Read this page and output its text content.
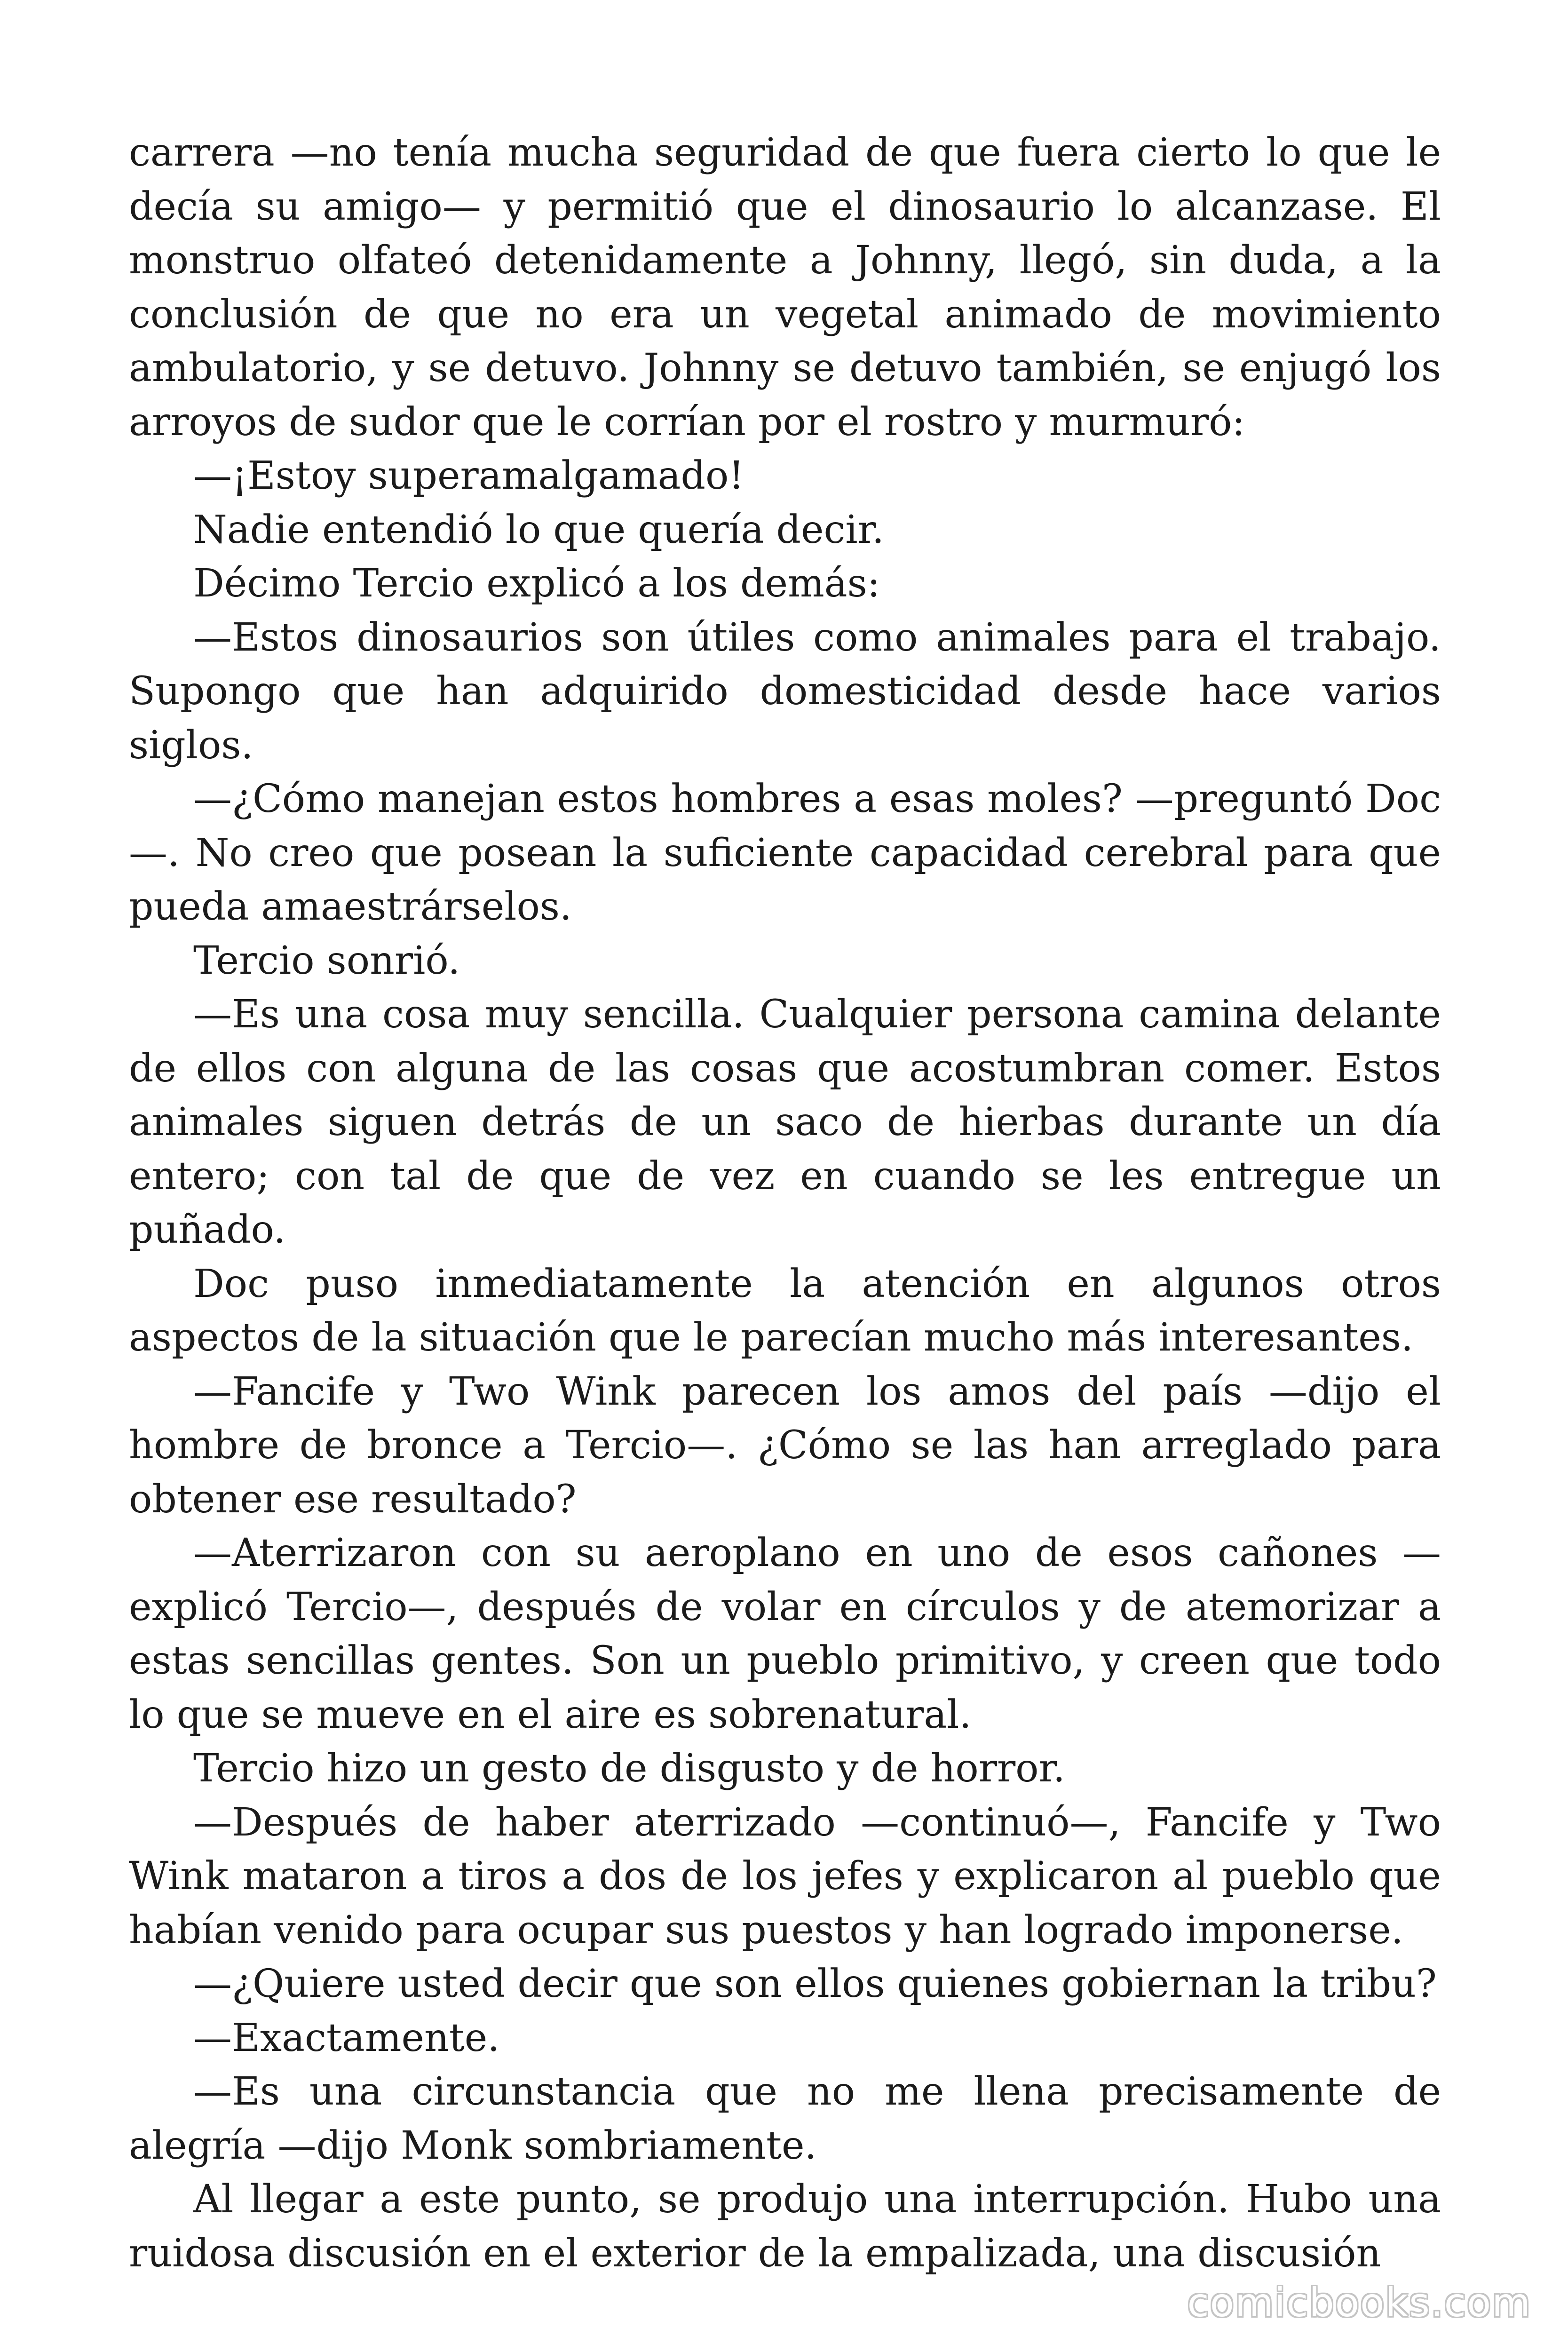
carrera —no tenía mucha seguridad de que fuera cierto lo que le decía su amigo— y permitió que el dinosaurio lo alcanzase. El monstruo olfateó detenidamente a Johnny, llegó, sin duda, a la conclusión de que no era un vegetal animado de movimiento ambulatorio, y se detuvo. Johnny se detuvo también, se enjugó los arroyos de sudor que le corrían por el rostro y murmuró:

—¡Estoy superamalgamado!

Nadie entendió lo que quería decir.

Décimo Tercio explicó a los demás:

—Estos dinosaurios son útiles como animales para el trabajo. Supongo que han adquirido domesticidad desde hace varios siglos.

—¿Cómo manejan estos hombres a esas moles? —preguntó Doc —. No creo que posean la suficiente capacidad cerebral para que pueda amaestrárselos.

Tercio sonrió.

—Es una cosa muy sencilla. Cualquier persona camina delante de ellos con alguna de las cosas que acostumbran comer. Estos animales siguen detrás de un saco de hierbas durante un día entero; con tal de que de vez en cuando se les entregue un puñado.

Doc puso inmediatamente la atención en algunos otros aspectos de la situación que le parecían mucho más interesantes.

—Fancife y Two Wink parecen los amos del país —dijo el hombre de bronce a Tercio—. ¿Cómo se las han arreglado para obtener ese resultado?

—Aterrizaron con su aeroplano en uno de esos cañones — explicó Tercio—, después de volar en círculos y de atemorizar a estas sencillas gentes. Son un pueblo primitivo, y creen que todo lo que se mueve en el aire es sobrenatural.

Tercio hizo un gesto de disgusto y de horror.

—Después de haber aterrizado —continuó—, Fancife y Two Wink mataron a tiros a dos de los jefes y explicaron al pueblo que habían venido para ocupar sus puestos y han logrado imponerse.

—¿Quiere usted decir que son ellos quienes gobiernan la tribu?

—Exactamente.

—Es una circunstancia que no me llena precisamente de alegría —dijo Monk sombriamente.

Al llegar a este punto, se produjo una interrupción. Hubo una ruidosa discusión en el exterior de la empalizada, una discusión

comicbooks.com
